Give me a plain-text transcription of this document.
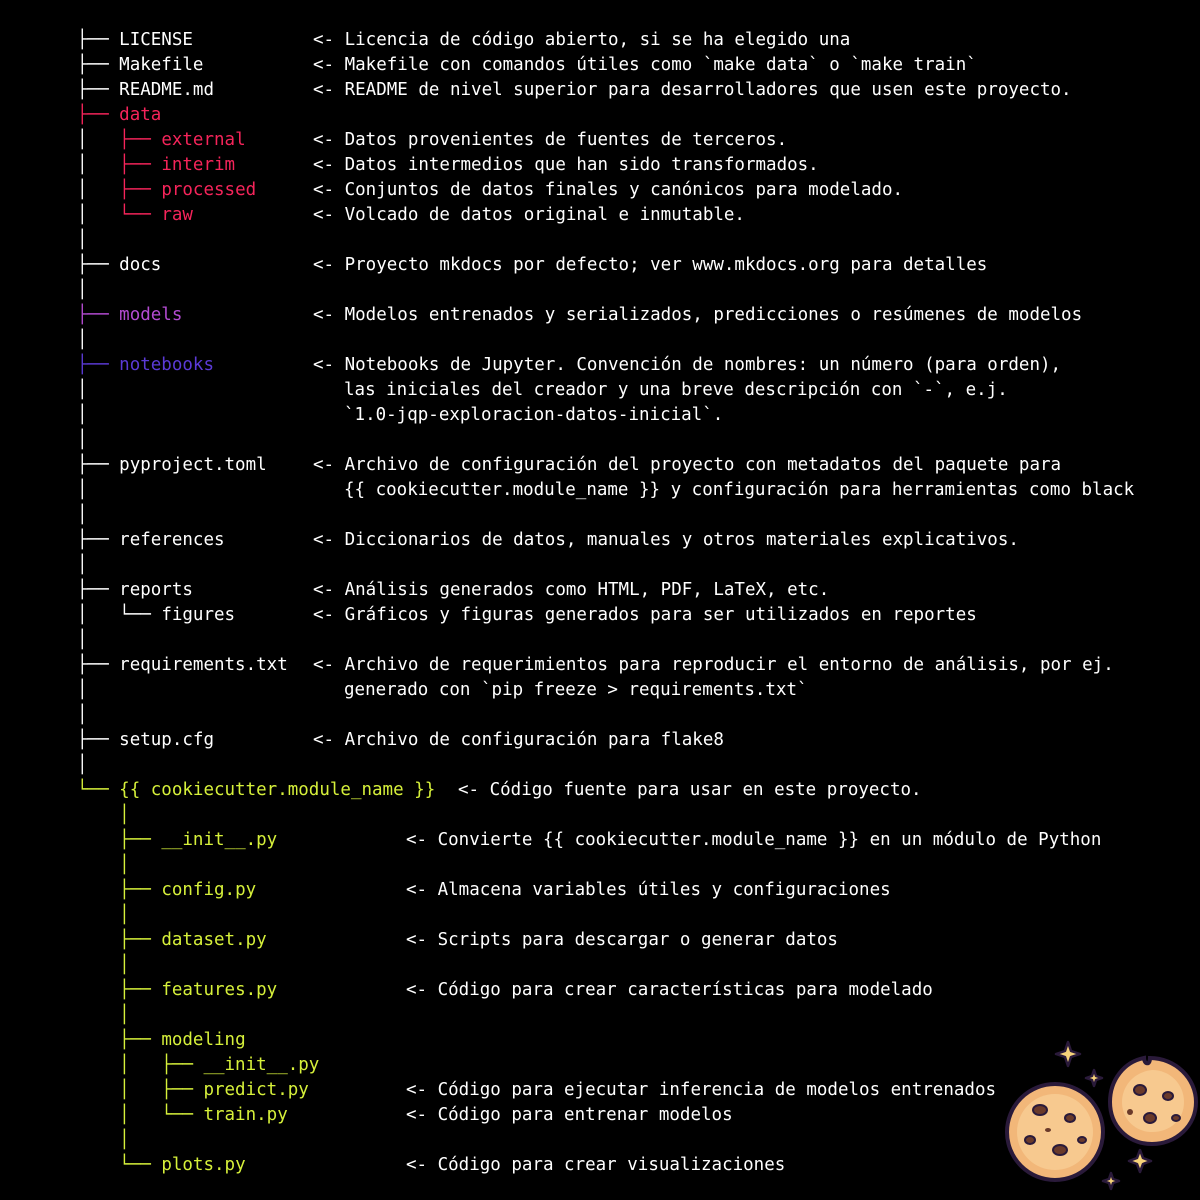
├── LICENSE	<- Licencia de código abierto, si se ha elegido una
├── Makefile	<- Makefile con comandos útiles como `make data` o `make train`
├── README.md	<- README de nivel superior para desarrolladores que usen este proyecto.
├── data
│   ├── external	<- Datos provenientes de fuentes de terceros.
│   ├── interim	<- Datos intermedios que han sido transformados.
│   ├── processed	<- Conjuntos de datos finales y canónicos para modelado.
│   └── raw	<- Volcado de datos original e inmutable.
│
├── docs	<- Proyecto mkdocs por defecto; ver www.mkdocs.org para detalles
│
├── models	<- Modelos entrenados y serializados, predicciones o resúmenes de modelos
│
├── notebooks	<- Notebooks de Jupyter. Convención de nombres: un número (para orden),
│	las iniciales del creador y una breve descripción con `-`, e.j.
│	`1.0-jqp-exploracion-datos-inicial`.
│
├── pyproject.toml	<- Archivo de configuración del proyecto con metadatos del paquete para
│	{{ cookiecutter.module_name }} y configuración para herramientas como black
│
├── references	<- Diccionarios de datos, manuales y otros materiales explicativos.
│
├── reports	<- Análisis generados como HTML, PDF, LaTeX, etc.
│   └── figures	<- Gráficos y figuras generados para ser utilizados en reportes
│
├── requirements.txt <- Archivo de requerimientos para reproducir el entorno de análisis, por ej.
│	generado con `pip freeze > requirements.txt`
│
├── setup.cfg	<- Archivo de configuración para flake8
│
└── {{ cookiecutter.module_name }} <- Código fuente para usar en este proyecto.
│
├── __init__.py	<- Convierte {{ cookiecutter.module_name }} en un módulo de Python
│
├── config.py	<- Almacena variables útiles y configuraciones
│
├── dataset.py	<- Scripts para descargar o generar datos
│
├── features.py	<- Código para crear características para modelado
│
├── modeling
│   ├── __init__.py
│   ├── predict.py	<- Código para ejecutar inferencia de modelos entrenados
│   └── train.py	<- Código para entrenar modelos
│
└── plots.py	<- Código para crear visualizaciones
